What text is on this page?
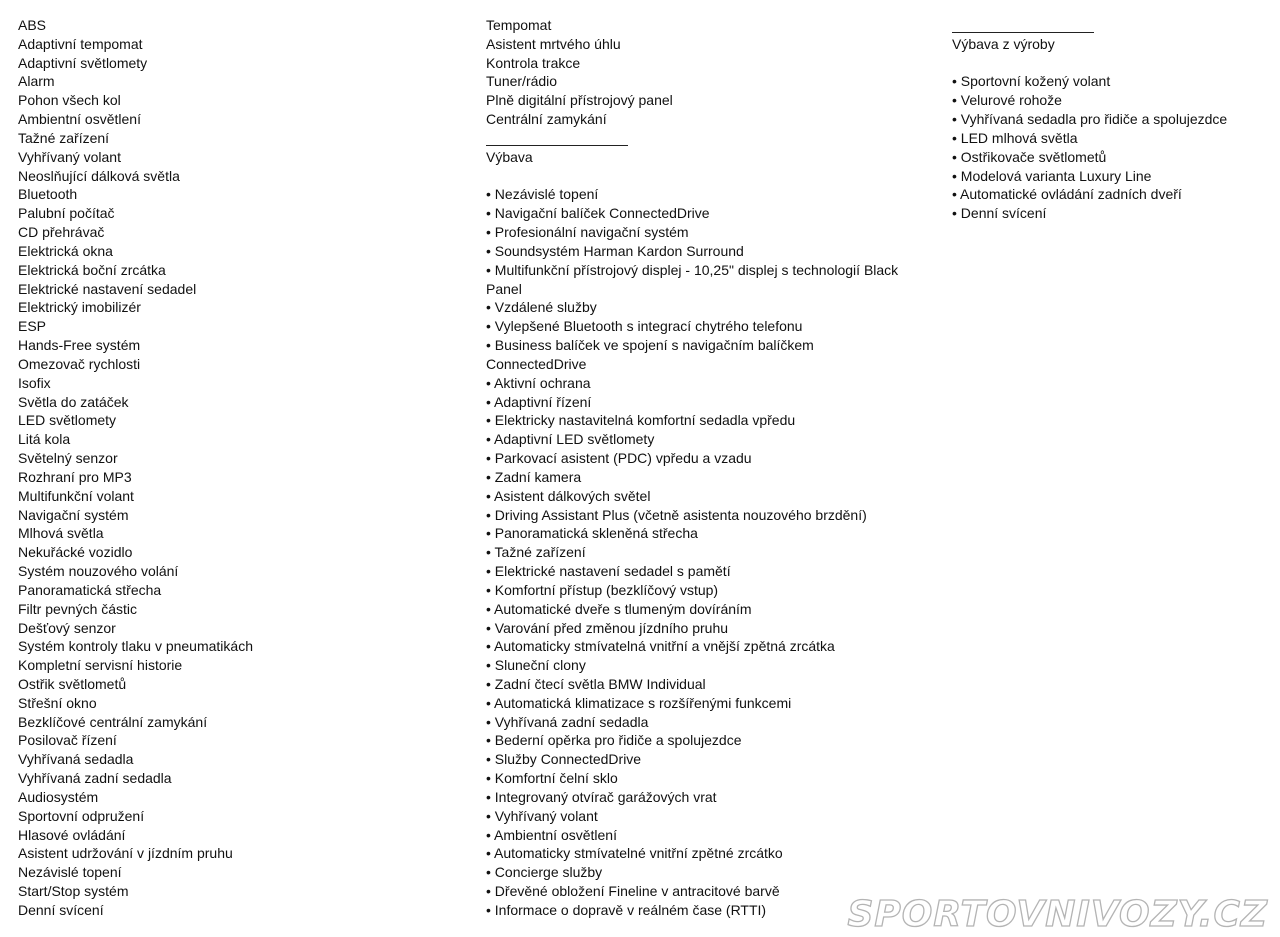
ABS
Adaptivní tempomat
Adaptivní světlomety
Alarm
Pohon všech kol
Ambientní osvětlení
Tažné zařízení
Vyhřívaný volant
Neoslňující dálková světla
Bluetooth
Palubní počítač
CD přehrávač
Elektrická okna
Elektrická boční zrcátka
Elektrické nastavení sedadel
Elektrický imobilizér
ESP
Hands-Free systém
Omezovač rychlosti
Isofix
Světla do zatáček
LED světlomety
Litá kola
Světelný senzor
Rozhraní pro MP3
Multifunkční volant
Navigační systém
Mlhová světla
Nekuřácké vozidlo
Systém nouzového volání
Panoramatická střecha
Filtr pevných částic
Dešťový senzor
Systém kontroly tlaku v pneumatikách
Kompletní servisní historie
Ostřik světlometů
Střešní okno
Bezklíčové centrální zamykání
Posilovač řízení
Vyhřívaná sedadla
Vyhřívaná zadní sedadla
Audiosystém
Sportovní odpružení
Hlasové ovládání
Asistent udržování v jízdním pruhu
Nezávislé topení
Start/Stop systém
Denní svícení
Tempomat
Asistent mrtvého úhlu
Kontrola trakce
Tuner/rádio
Plně digitální přístrojový panel
Centrální zamykání
Výbava
• Nezávislé topení
• Navigační balíček ConnectedDrive
• Profesionální navigační systém
• Soundsystém Harman Kardon Surround
• Multifunkční přístrojový displej - 10,25" displej s technologií Black
Panel
• Vzdálené služby
• Vylepšené Bluetooth s integrací chytrého telefonu
• Business balíček ve spojení s navigačním balíčkem
ConnectedDrive
• Aktivní ochrana
• Adaptivní řízení
• Elektricky nastavitelná komfortní sedadla vpředu
• Adaptivní LED světlomety
• Parkovací asistent (PDC) vpředu a vzadu
• Zadní kamera
• Asistent dálkových světel
• Driving Assistant Plus (včetně asistenta nouzového brzdění)
• Panoramatická skleněná střecha
• Tažné zařízení
• Elektrické nastavení sedadel s pamětí
• Komfortní přístup (bezklíčový vstup)
• Automatické dveře s tlumeným dovíráním
• Varování před změnou jízdního pruhu
• Automaticky stmívatelná vnitřní a vnější zpětná zrcátka
• Sluneční clony
• Zadní čtecí světla BMW Individual
• Automatická klimatizace s rozšířenými funkcemi
• Vyhřívaná zadní sedadla
• Bederní opěrka pro řidiče a spolujezdce
• Služby ConnectedDrive
• Komfortní čelní sklo
• Integrovaný otvírač garážových vrat
• Vyhřívaný volant
• Ambientní osvětlení
• Automaticky stmívatelné vnitřní zpětné zrcátko
• Concierge služby
• Dřevěné obložení Fineline v antracitové barvě
• Informace o dopravě v reálném čase (RTTI)
Výbava z výroby
• Sportovní kožený volant
• Velurové rohože
• Vyhřívaná sedadla pro řidiče a spolujezdce
• LED mlhová světla
• Ostřikovače světlometů
• Modelová varianta Luxury Line
• Automatické ovládání zadních dveří
• Denní svícení
SPORTOVNIVOZY.CZ
